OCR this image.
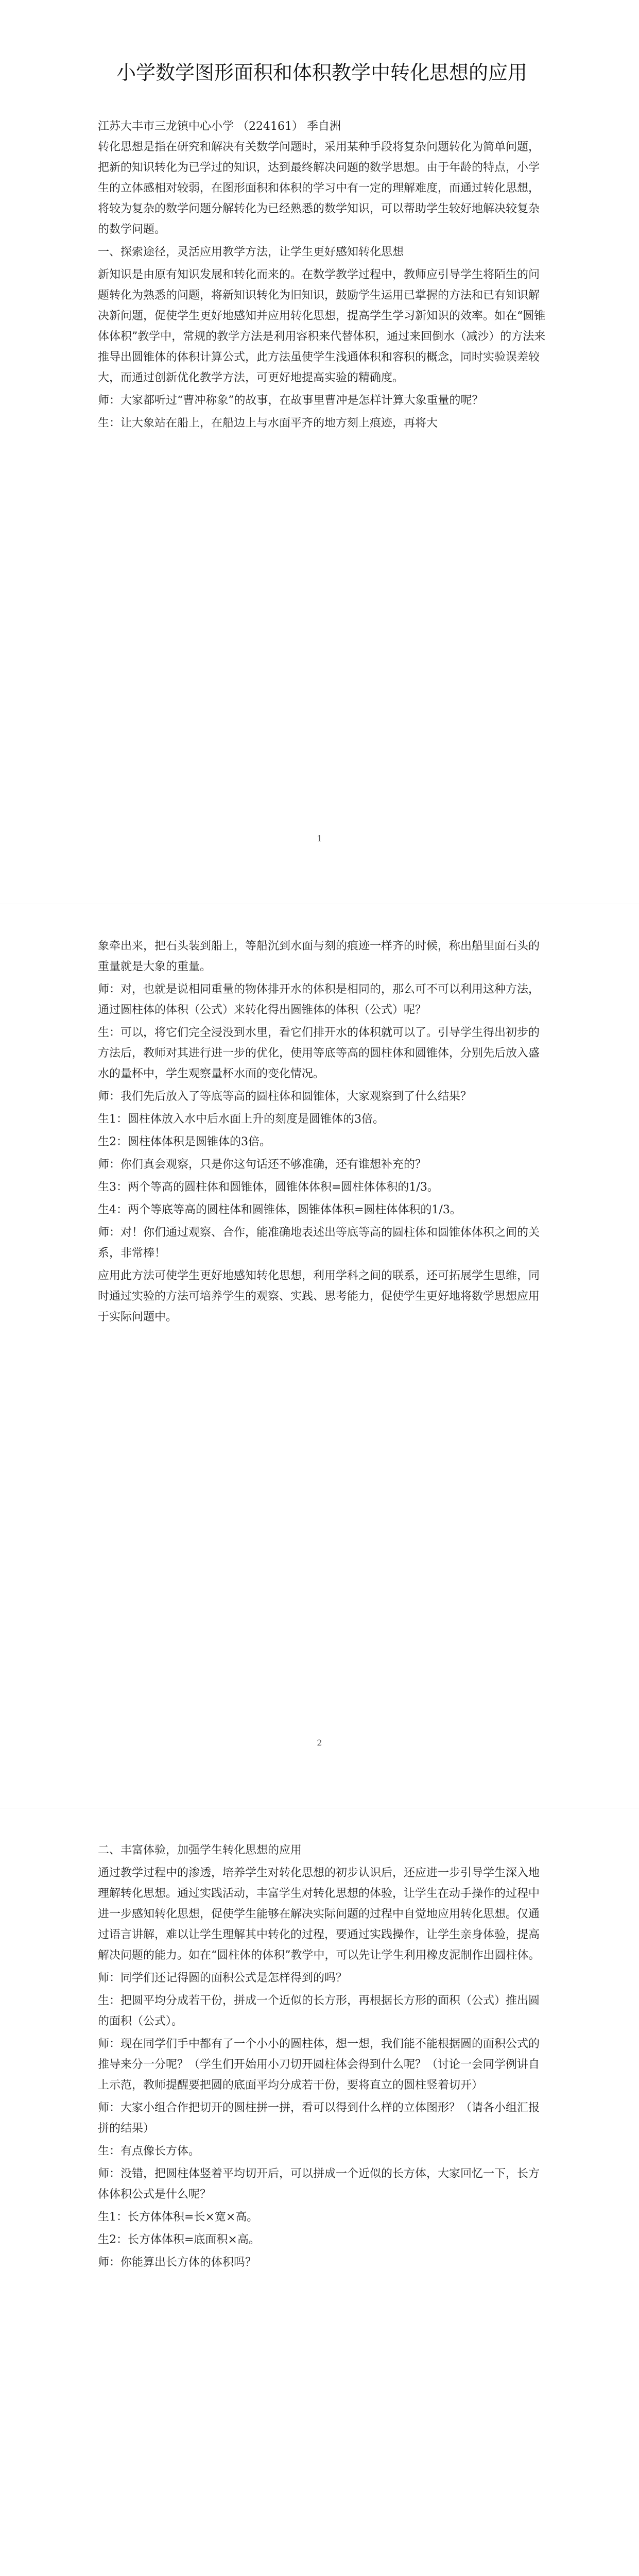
小学数学图形面积和体积教学中转化思想的应用

江苏大丰市三龙镇中心小学 （224161） 季自洲

转化思想是指在研究和解决有关数学问题时，采用某种手段将复杂问题转化为简单问题，把新的知识转化为已学过的知识，达到最终解决问题的数学思想。由于年龄的特点，小学生的立体感相对较弱，在图形面积和体积的学习中有一定的理解难度，而通过转化思想，将较为复杂的数学问题分解转化为已经熟悉的数学知识，可以帮助学生较好地解决较复杂的数学问题。

一、探索途径，灵活应用教学方法，让学生更好感知转化思想

新知识是由原有知识发展和转化而来的。在数学教学过程中，教师应引导学生将陌生的问题转化为熟悉的问题，将新知识转化为旧知识，鼓励学生运用已掌握的方法和已有知识解决新问题，促使学生更好地感知并应用转化思想，提高学生学习新知识的效率。如在“圆锥体体积”教学中，常规的教学方法是利用容积来代替体积，通过来回倒水（减沙）的方法来推导出圆锥体的体积计算公式，此方法虽使学生浅通体积和容积的概念，同时实验误差较大，而通过创新优化教学方法，可更好地提高实验的精确度。

师：大家都听过“曹冲称象”的故事，在故事里曹冲是怎样计算大象重量的呢？

生：让大象站在船上，在船边上与水面平齐的地方刻上痕迹，再将大

1

象牵出来，把石头装到船上，等船沉到水面与刻的痕迹一样齐的时候，称出船里面石头的重量就是大象的重量。

师：对，也就是说相同重量的物体排开水的体积是相同的，那么可不可以利用这种方法，通过圆柱体的体积（公式）来转化得出圆锥体的体积（公式）呢？

生：可以，将它们完全浸没到水里，看它们排开水的体积就可以了。引导学生得出初步的方法后，教师对其进行进一步的优化，使用等底等高的圆柱体和圆锥体，分别先后放入盛水的量杯中，学生观察量杯水面的变化情况。

师：我们先后放入了等底等高的圆柱体和圆锥体，大家观察到了什么结果？

生1：圆柱体放入水中后水面上升的刻度是圆锥体的3倍。

生2：圆柱体体积是圆锥体的3倍。

师：你们真会观察，只是你这句话还不够准确，还有谁想补充的？

生3：两个等高的圆柱体和圆锥体，圆锥体体积=圆柱体体积的1/3。

生4：两个等底等高的圆柱体和圆锥体，圆锥体体积=圆柱体体积的1/3。

师：对！你们通过观察、合作，能准确地表述出等底等高的圆柱体和圆锥体体积之间的关系，非常棒！

应用此方法可使学生更好地感知转化思想，利用学科之间的联系，还可拓展学生思维，同时通过实验的方法可培养学生的观察、实践、思考能力，促使学生更好地将数学思想应用于实际问题中。

2

二、丰富体验，加强学生转化思想的应用

通过教学过程中的渗透，培养学生对转化思想的初步认识后，还应进一步引导学生深入地理解转化思想。通过实践活动，丰富学生对转化思想的体验，让学生在动手操作的过程中进一步感知转化思想，促使学生能够在解决实际问题的过程中自觉地应用转化思想。仅通过语言讲解，难以让学生理解其中转化的过程，要通过实践操作，让学生亲身体验，提高解决问题的能力。如在“圆柱体的体积”教学中，可以先让学生利用橡皮泥制作出圆柱体。

师：同学们还记得圆的面积公式是怎样得到的吗？

生：把圆平均分成若干份，拼成一个近似的长方形，再根据长方形的面积（公式）推出圆的面积（公式）。

师：现在同学们手中都有了一个小小的圆柱体，想一想，我们能不能根据圆的面积公式的推导来分一分呢？（学生们开始用小刀切开圆柱体会得到什么呢？（讨论一会同学例讲自上示范，教师提醒要把圆的底面平均分成若干份，要将直立的圆柱竖着切开）

师：大家小组合作把切开的圆柱拼一拼，看可以得到什么样的立体图形？（请各小组汇报拼的结果）

生：有点像长方体。

师：没错，把圆柱体竖着平均切开后，可以拼成一个近似的长方体，大家回忆一下，长方体体积公式是什么呢？

生1：长方体体积=长×宽×高。

生2：长方体体积=底面积×高。

师：你能算出长方体的体积吗？
